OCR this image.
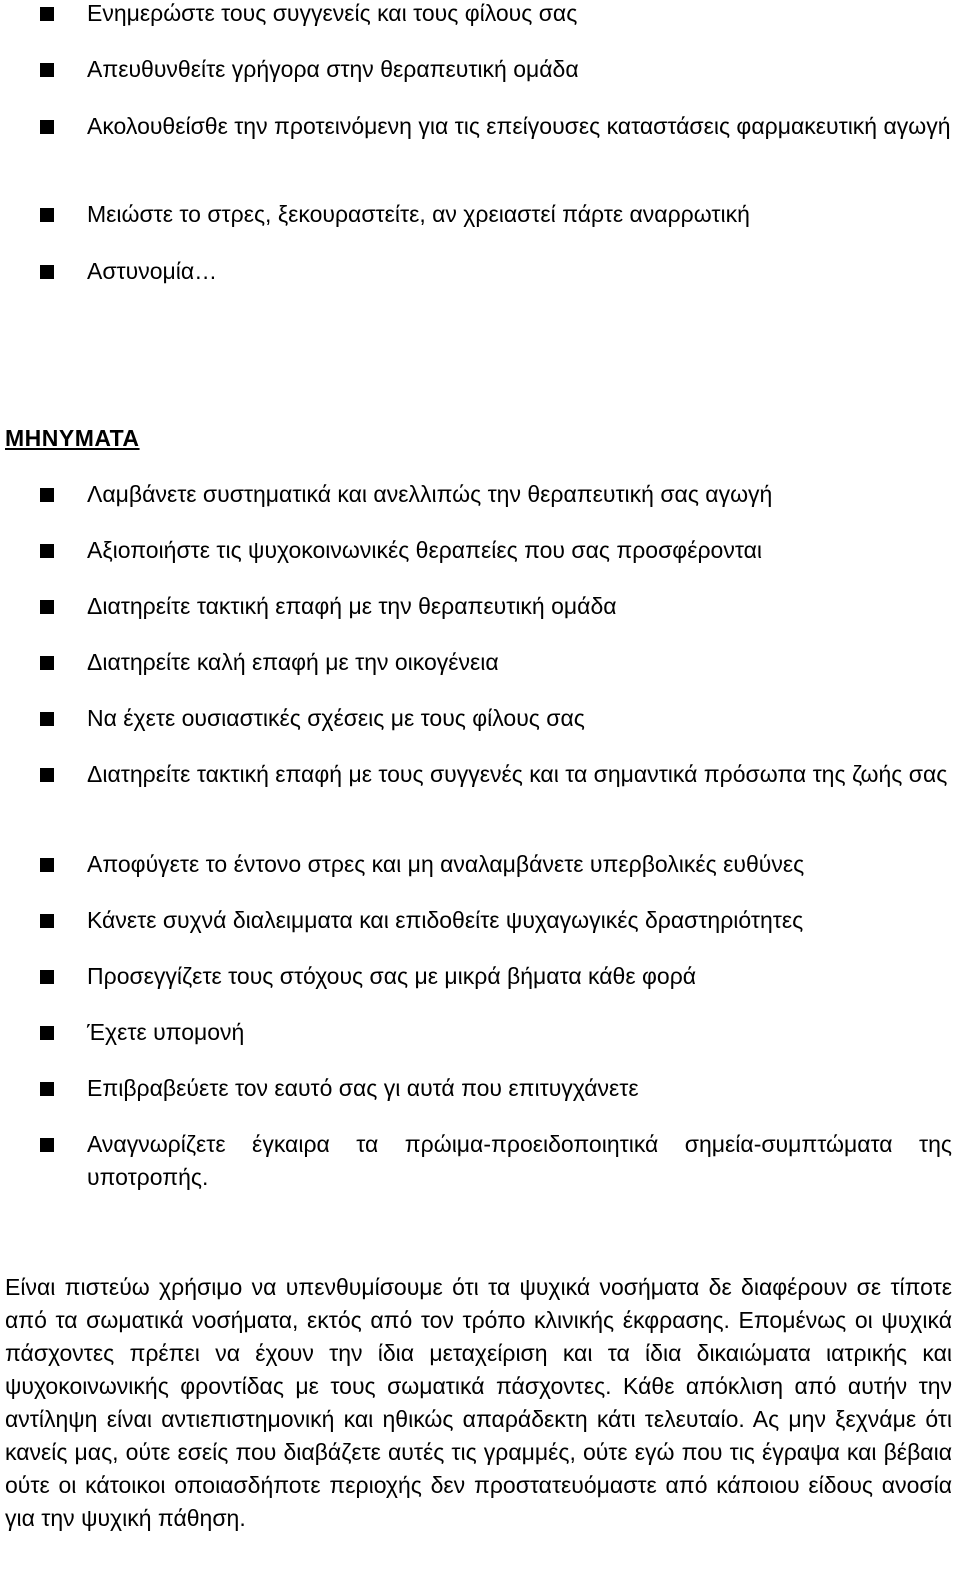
Ενημερώστε τους συγγενείς και τους φίλους σας
Απευθυνθείτε γρήγορα στην θεραπευτική ομάδα
Ακολουθείσθε την προτεινόμενη για τις επείγουσες καταστάσεις φαρμακευτική αγωγή
Μειώστε το στρες, ξεκουραστείτε, αν χρειαστεί πάρτε αναρρωτική
Αστυνομία…
ΜΗΝΥΜΑΤΑ
Λαμβάνετε συστηματικά και ανελλιπώς την θεραπευτική σας αγωγή
Αξιοποιήστε τις ψυχοκοινωνικές θεραπείες που σας προσφέρονται
Διατηρείτε τακτική επαφή με την θεραπευτική ομάδα
Διατηρείτε καλή επαφή με την οικογένεια
Να έχετε ουσιαστικές σχέσεις με τους φίλους σας
Διατηρείτε τακτική επαφή με τους συγγενές και τα σημαντικά πρόσωπα της ζωής σας
Αποφύγετε το έντονο στρες και μη αναλαμβάνετε υπερβολικές ευθύνες
Κάνετε συχνά διαλειμματα και επιδοθείτε ψυχαγωγικές δραστηριότητες
Προσεγγίζετε τους στόχους σας με μικρά βήματα κάθε φορά
Έχετε υπομονή
Επιβραβεύετε τον εαυτό σας γι αυτά που επιτυγχάνετε
Αναγνωρίζετε έγκαιρα τα πρώιμα-προειδοποιητικά σημεία-συμπτώματα της υποτροπής.
Είναι πιστεύω χρήσιμο να υπενθυμίσουμε ότι τα ψυχικά νοσήματα δε διαφέρουν σε τίποτε από τα σωματικά νοσήματα, εκτός από τον τρόπο κλινικής έκφρασης. Επομένως οι ψυχικά πάσχοντες πρέπει να έχουν την ίδια μεταχείριση και τα ίδια δικαιώματα ιατρικής και ψυχοκοινωνικής φροντίδας με τους σωματικά πάσχοντες. Κάθε απόκλιση από αυτήν την αντίληψη είναι αντιεπιστημονική και ηθικώς απαράδεκτη κάτι τελευταίο. Ας μην ξεχνάμε ότι κανείς μας, ούτε εσείς που διαβάζετε αυτές τις γραμμές, ούτε εγώ που τις έγραψα και βέβαια ούτε οι κάτοικοι οποιασδήποτε περιοχής δεν προστατευόμαστε από κάποιου είδους ανοσία για την ψυχική πάθηση.
